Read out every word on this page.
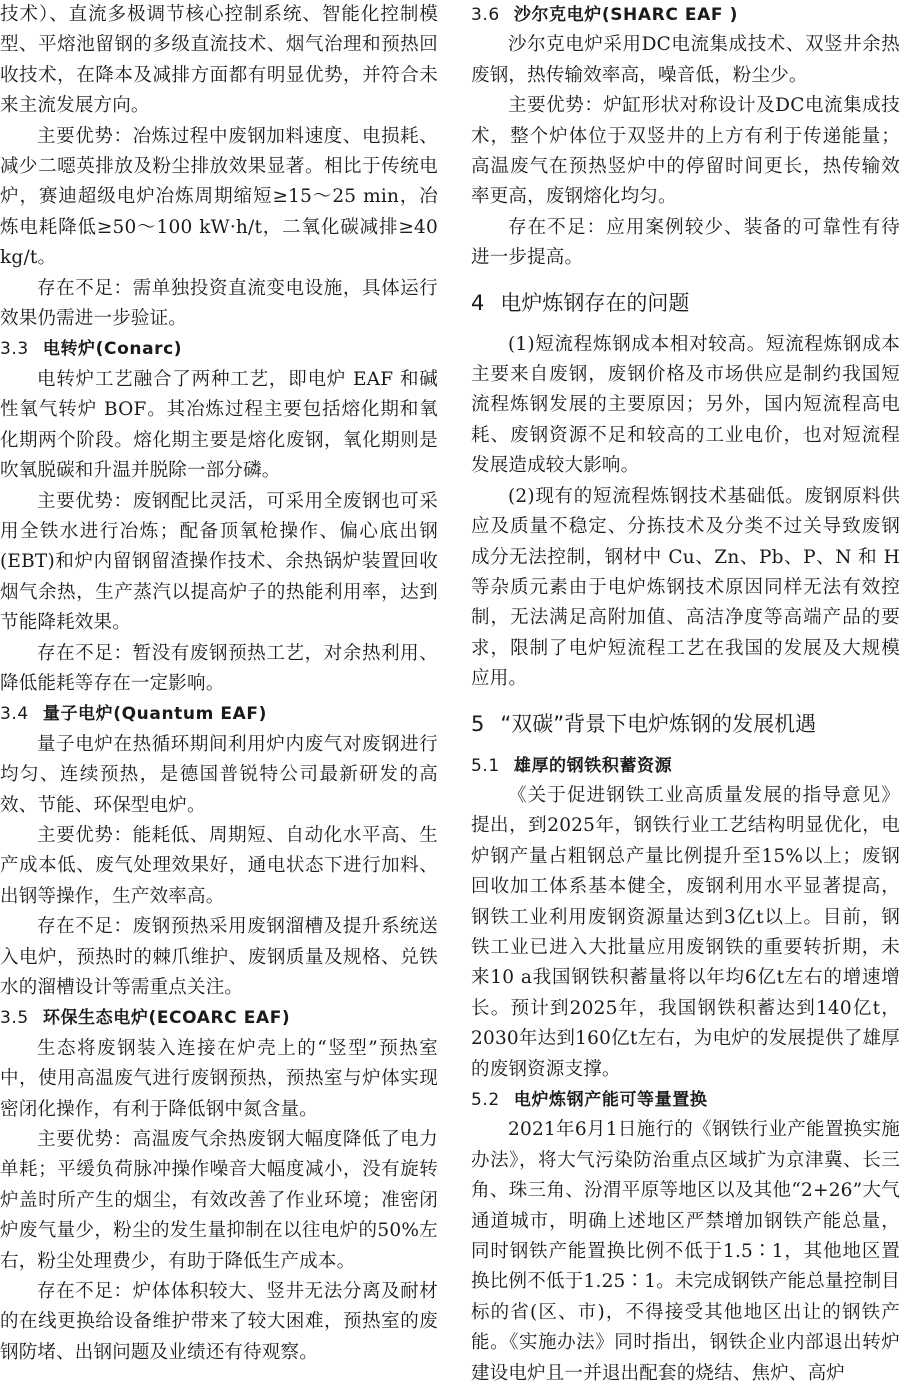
技术）、直流多极调节核心控制系统、智能化控制模型、平熔池留钢的多级直流技术、烟气治理和预热回收技术，在降本及减排方面都有明显优势，并符合未来主流发展方向。

主要优势：冶炼过程中废钢加料速度、电损耗、减少二噁英排放及粉尘排放效果显著。相比于传统电炉，赛迪超级电炉冶炼周期缩短≥15～25 min，冶炼电耗降低≥50～100 kW·h/t，二氧化碳减排≥40 kg/t。

存在不足：需单独投资直流变电设施，具体运行效果仍需进一步验证。

3.3 电转炉(Conarc)

电转炉工艺融合了两种工艺，即电炉 EAF 和碱性氧气转炉 BOF。其冶炼过程主要包括熔化期和氧化期两个阶段。熔化期主要是熔化废钢，氧化期则是吹氧脱碳和升温并脱除一部分磷。

主要优势：废钢配比灵活，可采用全废钢也可采用全铁水进行冶炼；配备顶氧枪操作、偏心底出钢(EBT)和炉内留钢留渣操作技术、余热锅炉装置回收烟气余热，生产蒸汽以提高炉子的热能利用率，达到节能降耗效果。

存在不足：暂没有废钢预热工艺，对余热利用、降低能耗等存在一定影响。

3.4 量子电炉(Quantum EAF)

量子电炉在热循环期间利用炉内废气对废钢进行均匀、连续预热，是德国普锐特公司最新研发的高效、节能、环保型电炉。

主要优势：能耗低、周期短、自动化水平高、生产成本低、废气处理效果好，通电状态下进行加料、出钢等操作，生产效率高。

存在不足：废钢预热采用废钢溜槽及提升系统送入电炉，预热时的棘爪维护、废钢质量及规格、兑铁水的溜槽设计等需重点关注。

3.5 环保生态电炉(ECOARC EAF)

生态将废钢装入连接在炉壳上的“竖型”预热室中，使用高温废气进行废钢预热，预热室与炉体实现密闭化操作，有利于降低钢中氮含量。

主要优势：高温废气余热废钢大幅度降低了电力单耗；平缓负荷脉冲操作噪音大幅度减小，没有旋转炉盖时所产生的烟尘，有效改善了作业环境；准密闭炉废气量少，粉尘的发生量抑制在以往电炉的50%左右，粉尘处理费少，有助于降低生产成本。

存在不足：炉体体积较大、竖井无法分离及耐材的在线更换给设备维护带来了较大困难，预热室的废钢防堵、出钢问题及业绩还有待观察。

3.6 沙尔克电炉(SHARC EAF )

沙尔克电炉采用DC电流集成技术、双竖井余热废钢，热传输效率高，噪音低，粉尘少。

主要优势：炉缸形状对称设计及DC电流集成技术，整个炉体位于双竖井的上方有利于传递能量；高温废气在预热竖炉中的停留时间更长，热传输效率更高，废钢熔化均匀。

存在不足：应用案例较少、装备的可靠性有待进一步提高。

4 电炉炼钢存在的问题

(1)短流程炼钢成本相对较高。短流程炼钢成本主要来自废钢，废钢价格及市场供应是制约我国短流程炼钢发展的主要原因；另外，国内短流程高电耗、废钢资源不足和较高的工业电价，也对短流程发展造成较大影响。

(2)现有的短流程炼钢技术基础低。废钢原料供应及质量不稳定、分拣技术及分类不过关导致废钢成分无法控制，钢材中 Cu、Zn、Pb、P、N 和 H 等杂质元素由于电炉炼钢技术原因同样无法有效控制，无法满足高附加值、高洁净度等高端产品的要求，限制了电炉短流程工艺在我国的发展及大规模应用。

5 “双碳”背景下电炉炼钢的发展机遇
5.1 雄厚的钢铁积蓄资源

《关于促进钢铁工业高质量发展的指导意见》提出，到2025年，钢铁行业工艺结构明显优化，电炉钢产量占粗钢总产量比例提升至15%以上；废钢回收加工体系基本健全，废钢利用水平显著提高，钢铁工业利用废钢资源量达到3亿t以上。目前，钢铁工业已进入大批量应用废钢铁的重要转折期，未来10 a我国钢铁积蓄量将以年均6亿t左右的增速增长。预计到2025年，我国钢铁积蓄达到140亿t，2030年达到160亿t左右，为电炉的发展提供了雄厚的废钢资源支撑。

5.2 电炉炼钢产能可等量置换

2021年6月1日施行的《钢铁行业产能置换实施办法》，将大气污染防治重点区域扩为京津冀、长三角、珠三角、汾渭平原等地区以及其他“2+26”大气通道城市，明确上述地区严禁增加钢铁产能总量，同时钢铁产能置换比例不低于1.5∶1，其他地区置换比例不低于1.25∶1。未完成钢铁产能总量控制目标的省(区、市)，不得接受其他地区出让的钢铁产能。《实施办法》同时指出，钢铁企业内部退出转炉建设电炉且一并退出配套的烧结、焦炉、高炉
